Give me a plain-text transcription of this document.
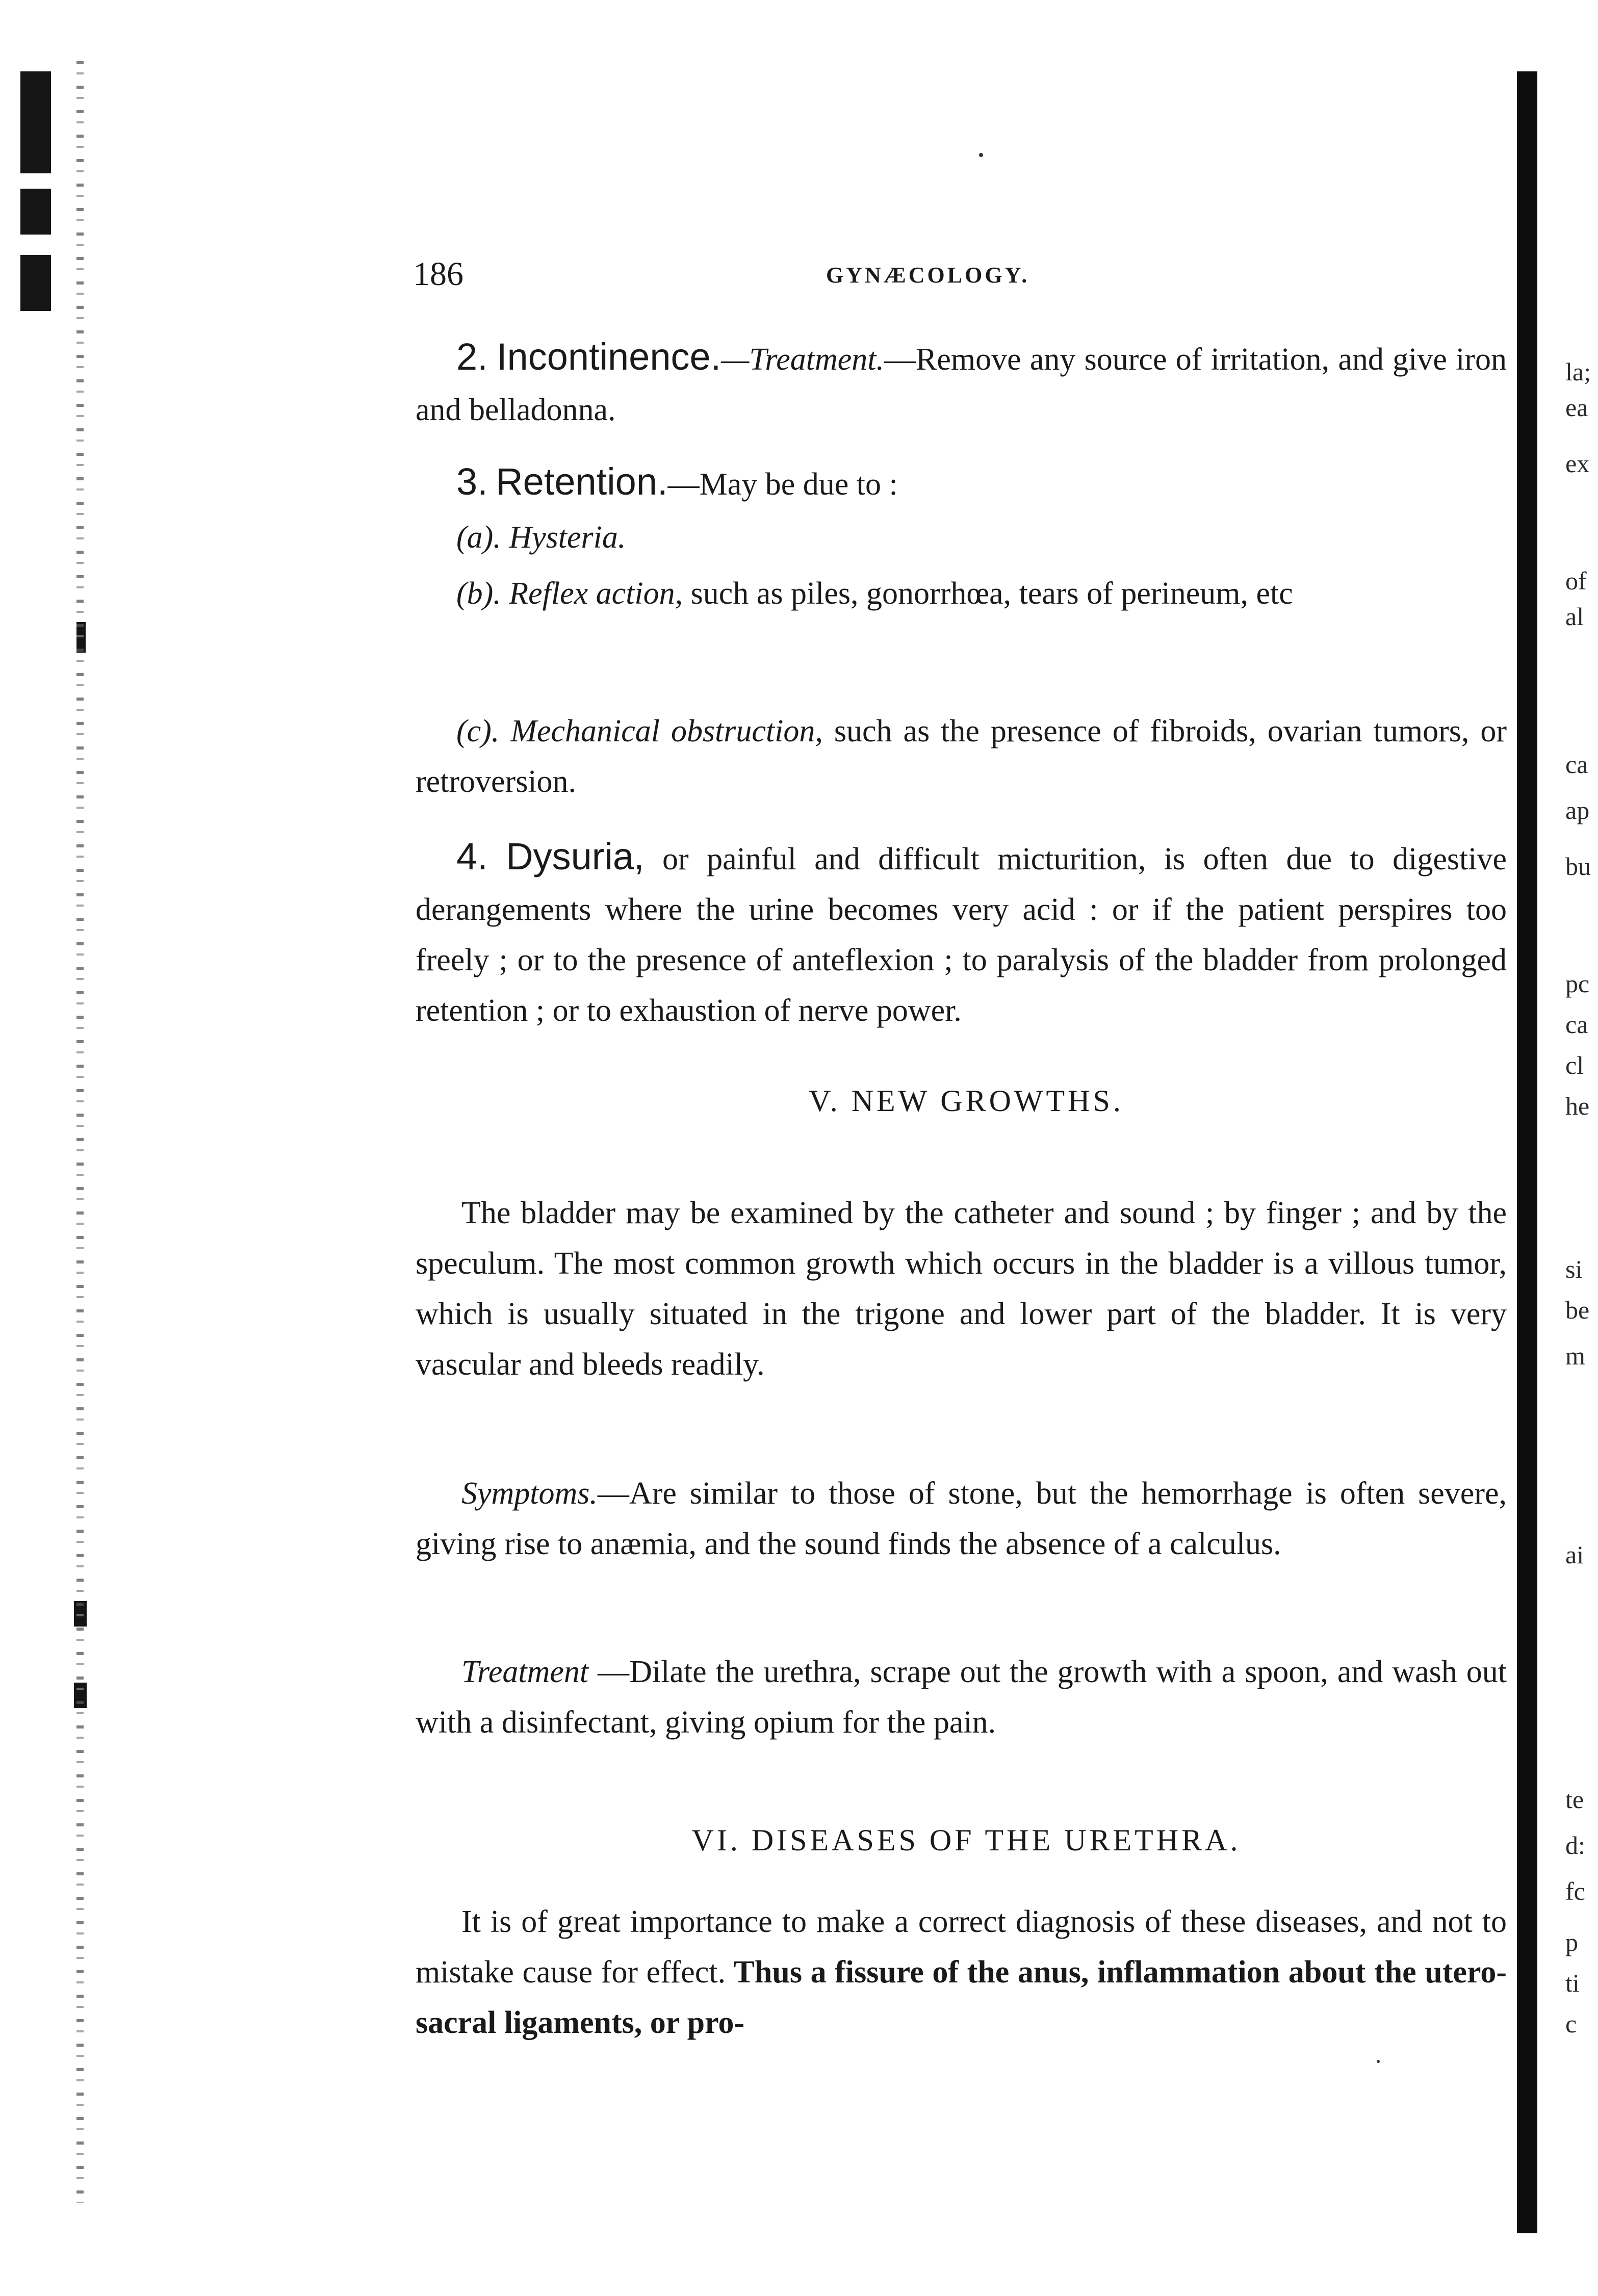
la;
ea
ex
of
al
ca
ap
bu
pc
ca
cl
he
si
be
m
ai
te
d:
fc
p
ti
c
186	GYNÆCOLOGY.
2. Incontinence.—Treatment.—Remove any source of irritation, and give iron and belladonna.
3. Retention.—May be due to :
(a). Hysteria.
(b). Reflex action, such as piles, gonorrhœa, tears of perineum, etc
(c). Mechanical obstruction, such as the presence of fibroids, ovarian tumors, or retroversion.
4. Dysuria, or painful and difficult micturition, is often due to digestive derangements where the urine becomes very acid : or if the patient perspires too freely ; or to the presence of anteflexion ; to paralysis of the bladder from prolonged retention ; or to exhaustion of nerve power.
V. NEW GROWTHS.
The bladder may be examined by the catheter and sound ; by finger ; and by the speculum. The most common growth which occurs in the bladder is a villous tumor, which is usually situated in the trigone and lower part of the bladder. It is very vascular and bleeds readily.
Symptoms.—Are similar to those of stone, but the hemorrhage is often severe, giving rise to anæmia, and the sound finds the absence of a calculus.
Treatment —Dilate the urethra, scrape out the growth with a spoon, and wash out with a disinfectant, giving opium for the pain.
VI. DISEASES OF THE URETHRA.
It is of great importance to make a correct diagnosis of these diseases, and not to mistake cause for effect. Thus a fissure of the anus, inflammation about the utero-sacral ligaments, or pro-
